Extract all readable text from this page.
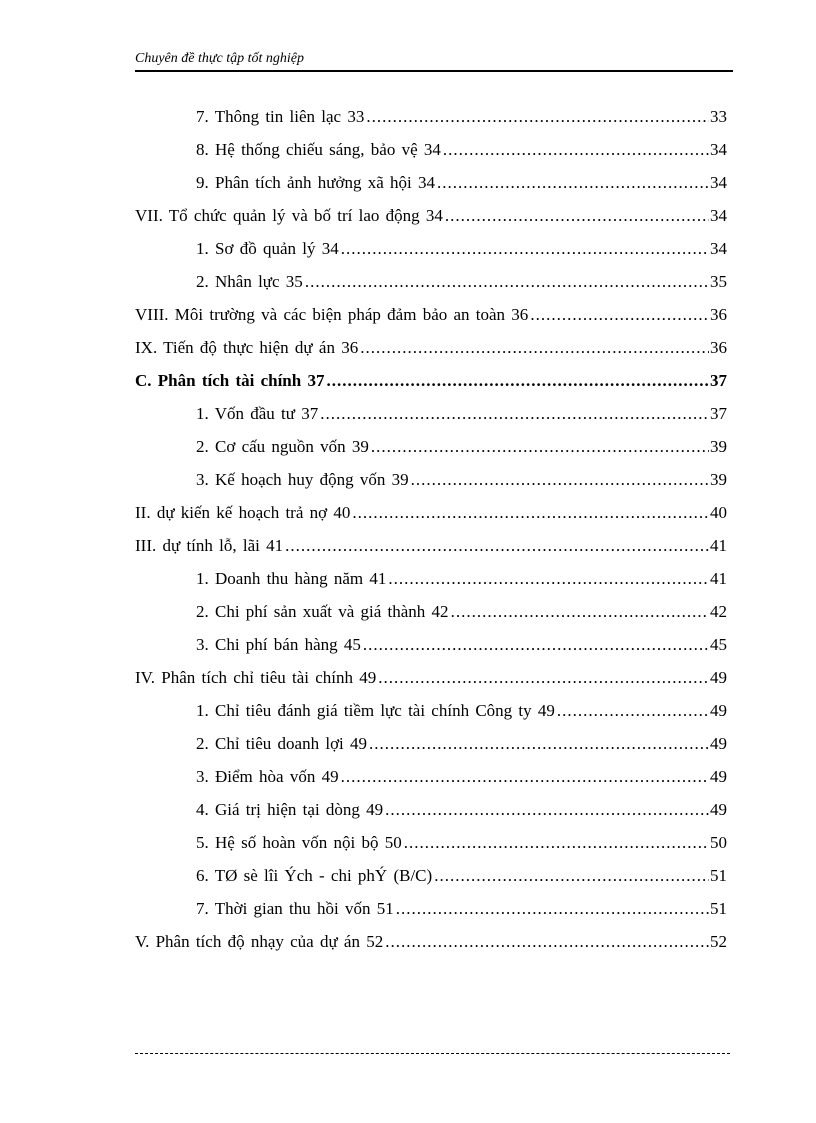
Chuyên đề thực tập tốt nghiệp
7. Thông tin liên lạc 33 .....	33
8. Hệ thống chiếu sáng, bảo vệ 34 .....	34
9. Phân tích ảnh hưởng xã hội 34 .....	34
VII. Tổ chức quản lý và bố trí lao động 34 .....	34
1. Sơ đồ quản lý 34 .....	34
2. Nhân lực 35 .....	35
VIII. Môi trường và các biện pháp đảm bảo an toàn 36 .....	36
IX. Tiến độ thực hiện dự án 36 .....	36
C. Phân tích tài chính 37 .....	37
1. Vốn đầu tư 37 .....	37
2. Cơ cấu nguồn vốn 39 .....	39
3. Kế hoạch huy động vốn 39 .....	39
II. dự kiến kế hoạch trả nợ 40 .....	40
III. dự tính lỗ, lãi 41 .....	41
1. Doanh thu hàng năm 41 .....	41
2. Chi phí sản xuất và giá thành 42 .....	42
3. Chi phí bán hàng 45 .....	45
IV. Phân tích chỉ tiêu tài chính 49 .....	49
1. Chỉ tiêu đánh giá tiềm lực tài chính Công ty 49 .....	49
2. Chỉ tiêu doanh lợi 49 .....	49
3. Điểm hòa vốn 49 .....	49
4. Giá trị hiện tại dòng 49 .....	49
5. Hệ số hoàn vốn nội bộ 50 .....	50
6. TØ sè lîi Ých - chi phÝ (B/C) .....	51
7. Thời gian thu hồi vốn 51 .....	51
V. Phân tích độ nhạy của dự án 52 .....	52
